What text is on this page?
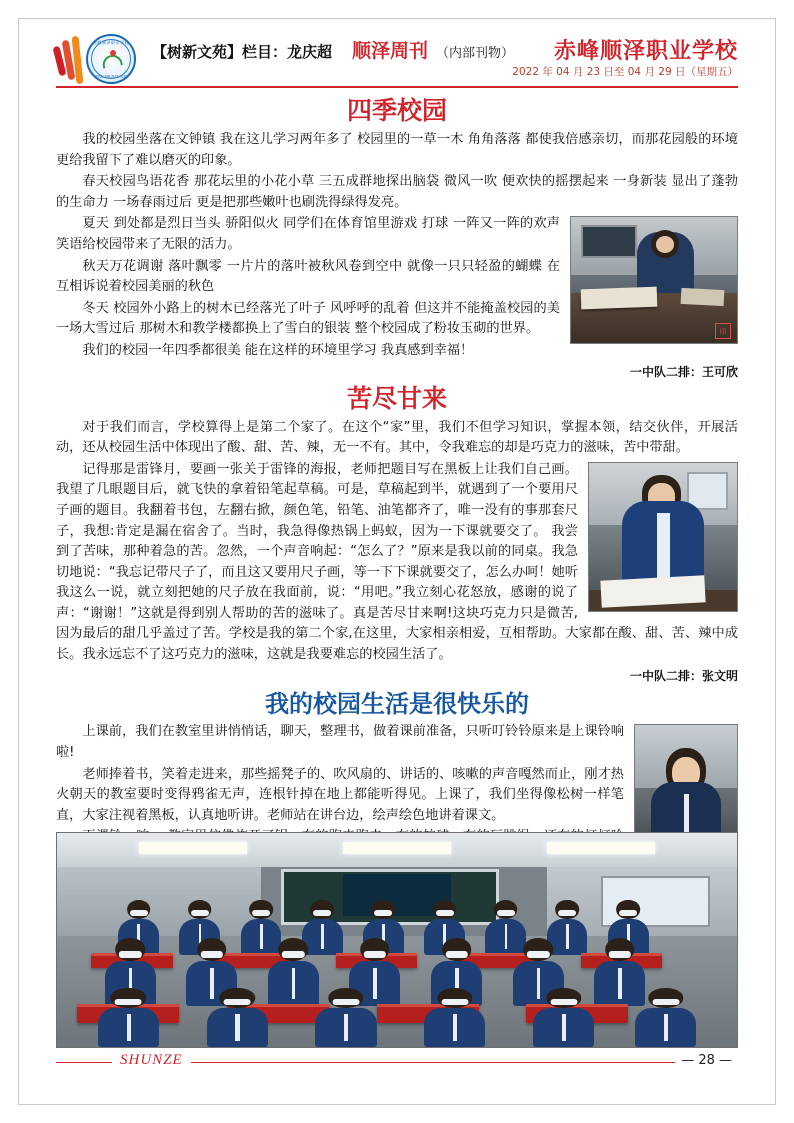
赤峰顺泽职业学校
CHIFENG SHUNZE SCHOOL
【树新文苑】栏目：龙庆超 顺泽周刊 （内部刊物） 赤峰顺泽职业学校
2022 年 04 月 23 日至 04 月 29 日（星期五）
四季校园

我的校园坐落在文钟镇 我在这儿学习两年多了 校园里的一草一木 角角落落 都使我倍感亲切，而那花园般的环境 更给我留下了难以磨灭的印象。

春天校园鸟语花香 那花坛里的小花小草 三五成群地探出脑袋 微风一吹 便欢快的摇摆起来 一身新装 显出了蓬勃的生命力 一场春雨过后 更是把那些嫩叶也刷洗得绿得发亮。

印

夏天 到处都是烈日当头 骄阳似火 同学们在体育馆里游戏 打球 一阵又一阵的欢声笑语给校园带来了无限的活力。

秋天万花调谢 落叶飘零 一片片的落叶被秋风卷到空中 就像一只只轻盈的蝴蝶 在互相诉说着校园美丽的秋色

冬天 校园外小路上的树木已经落光了叶子 风呼呼的乱着 但这并不能掩盖校园的美 一场大雪过后 那树木和教学楼都换上了雪白的银装 整个校园成了粉妆玉砌的世界。

我们的校园一年四季都很美 能在这样的环境里学习 我真感到幸福！

一中队二排：王可欣
苦尽甘来

对于我们而言，学校算得上是第二个家了。在这个“家”里，我们不但学习知识，掌握本领，结交伙伴，开展活动，还从校园生活中体现出了酸、甜、苦、辣，无一不有。其中，令我难忘的却是巧克力的滋味，苦中带甜。

记得那是雷锋月，要画一张关于雷锋的海报，老师把题目写在黑板上让我们自己画。我望了几眼题目后，就飞快的拿着铅笔起草稿。可是，草稿起到半，就遇到了一个要用尺子画的题目。我翻着书包，左翻右掀，颜色笔，铅笔、油笔都齐了，唯一没有的事那套尺子，我想:肯定是漏在宿舍了。当时，我急得像热锅上蚂蚁，因为一下课就要交了。 我尝到了苦味，那种着急的苦。忽然，一个声音响起：“怎么了？”原来是我以前的同桌。我急切地说：“我忘记带尺子了，而且这又要用尺子画，等一下下课就要交了，怎么办呵！她听我这么一说，就立刻把她的尺子放在我面前，说：“用吧。”我立刻心花怒放，感谢的说了声：“谢谢！”这就是得到别人帮助的苦的滋味了。真是苦尽甘来啊!这块巧克力只是微苦,因为最后的甜几乎盖过了苦。学校是我的第二个家,在这里，大家相亲相爱，互相帮助。大家都在酸、甜、苦、辣中成长。我永远忘不了这巧克力的滋味，这就是我要难忘的校园生活了。

一中队二排：张文明
我的校园生活是很快乐的

上课前，我们在教室里讲悄悄话，聊天，整理书，做着课前准备，只听叮铃铃原来是上课铃响啦!

老师捧着书，笑着走进来，那些摇凳子的、吹风扇的、讲话的、咳嗽的声音嘎然而止，刚才热火朝天的教室要时变得鸦雀无声，连根针掉在地上都能听得见。上课了，我们坐得像松树一样笔直，大家注视着黑板，认真地听讲。老师站在讲台边，绘声绘色地讲着课文。

SHUNZE	— 28 —
